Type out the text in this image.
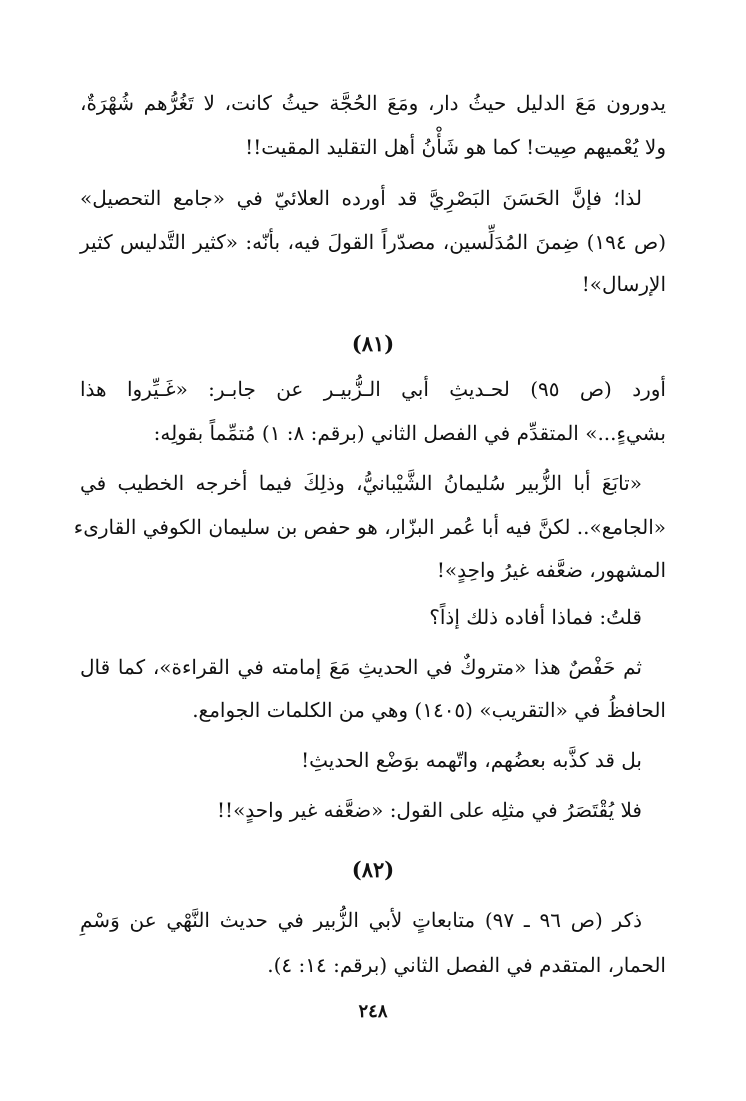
يدورون مَعَ الدليل حيثُ دار، ومَعَ الحُجَّة حيثُ كانت، لا تَغُرُّهم شُهْرَةٌ،
ولا يُعْميهم صِيت! كما هو شَأْنُ أهل التقليد المقيت!!
لذا؛ فإنَّ الحَسَنَ البَصْرِيَّ قد أورده العلائيّ في «جامع التحصيل»
(ص ١٩٤) ضِمنَ المُدَلِّسين، مصدّراً القولَ فيه، بأنّه: «كثير التَّدليس كثير
الإرسال»!
(٨١)
أورد (ص ٩٥) لحـديثِ أبي الـزُّبيـر عن جابـر: «غَـيِّروا هذا
بشيءٍ...» المتقدِّم في الفصل الثاني (برقم: ٨: ١) مُتمِّماً بقولِه:
«تابَعَ أبا الزُّبير سُليمانُ الشَّيْبانيُّ، وذلِكَ فيما أخرجه الخطيب في
«الجامع».. لكنَّ فيه أبا عُمر البزّار، هو حفص بن سليمان الكوفي القارىء
المشهور، ضعَّفه غيرُ واحِدٍ»!
قلتُ: فماذا أفاده ذلك إذاً؟
ثم حَفْصٌ هذا «متروكٌ في الحديثِ مَعَ إمامته في القراءة»، كما قال
الحافظُ في «التقريب» (١٤٠٥) وهي من الكلمات الجوامع.
بل قد كذَّبه بعضُهم، واتّهمه بوَضْع الحديثِ!
فلا يُقْتَصَرُ في مثلِه على القول: «ضعَّفه غير واحدٍ»!!
(٨٢)
ذكر (ص ٩٦ ـ ٩٧) متابعاتٍ لأبي الزُّبير في حديث النَّهْي عن وَسْمِ
الحمار، المتقدم في الفصل الثاني (برقم: ١٤: ٤).
٢٤٨
